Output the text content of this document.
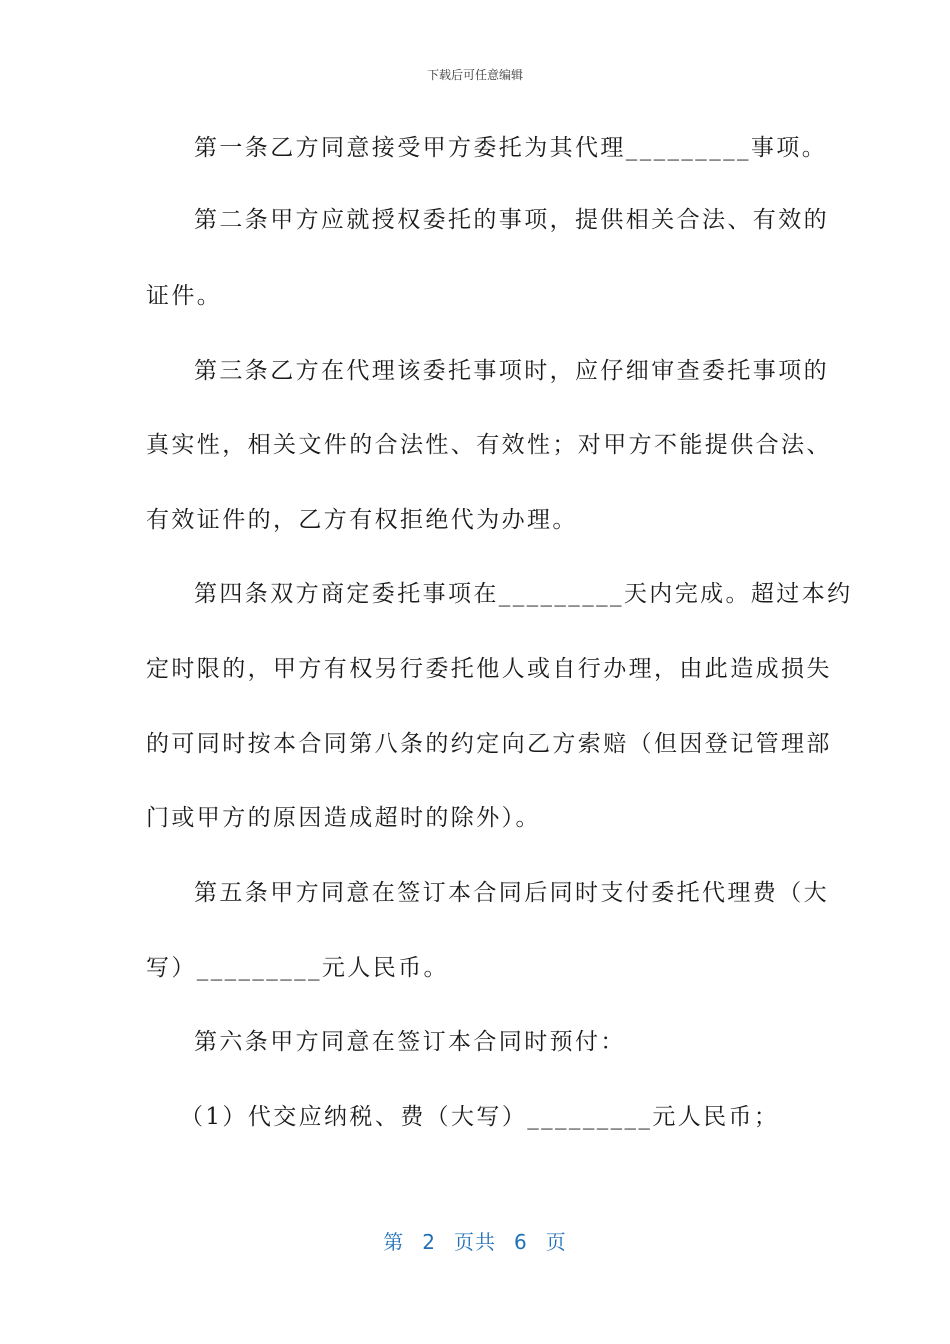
下载后可任意编辑
第一条乙方同意接受甲方委托为其代理_________事项。
第二条甲方应就授权委托的事项，提供相关合法、有效的
证件。
第三条乙方在代理该委托事项时，应仔细审查委托事项的
真实性，相关文件的合法性、有效性；对甲方不能提供合法、
有效证件的，乙方有权拒绝代为办理。
第四条双方商定委托事项在_________天内完成。超过本约
定时限的，甲方有权另行委托他人或自行办理，由此造成损失
的可同时按本合同第八条的约定向乙方索赔（但因登记管理部
门或甲方的原因造成超时的除外）。
第五条甲方同意在签订本合同后同时支付委托代理费（大
写）_________元人民币。
第六条甲方同意在签订本合同时预付：
（1）代交应纳税、费（大写）_________元人民币；
第 2 页共 6 页
